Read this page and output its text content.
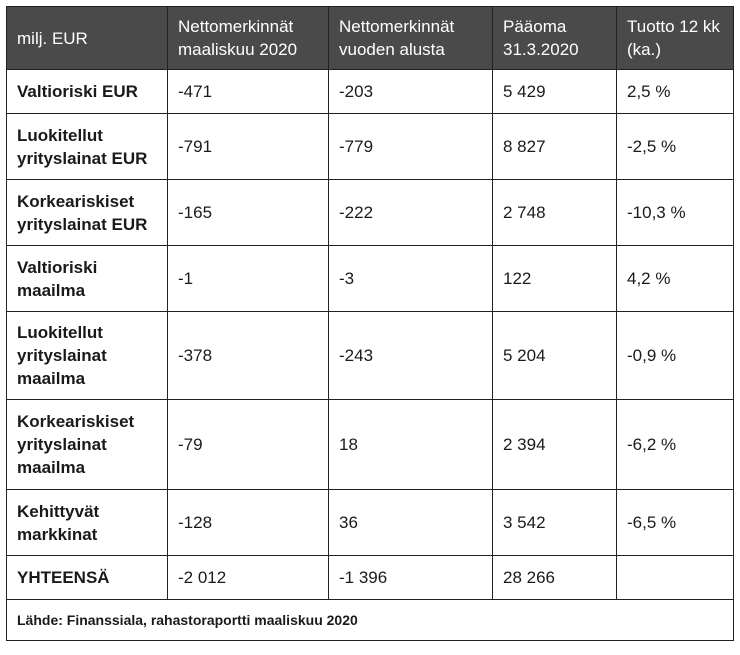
milj. EUR	Nettomerkinnät maaliskuu 2020	Nettomerkinnät vuoden alusta	Pääoma 31.3.2020	Tuotto 12 kk (ka.)
Valtioriski EUR	-471	-203	5 429	2,5 %
Luokitellut yrityslainat EUR	-791	-779	8 827	-2,5 %
Korkeariskiset yrityslainat EUR	-165	-222	2 748	-10,3 %
Valtioriski maailma	-1	-3	122	4,2 %
Luokitellut yrityslainat maailma	-378	-243	5 204	-0,9 %
Korkeariskiset yrityslainat maailma	-79	18	2 394	-6,2 %
Kehittyvät markkinat	-128	36	3 542	-6,5 %
YHTEENSÄ	-2 012	-1 396	28 266	
Lähde: Finanssiala, rahastoraportti maaliskuu 2020				
